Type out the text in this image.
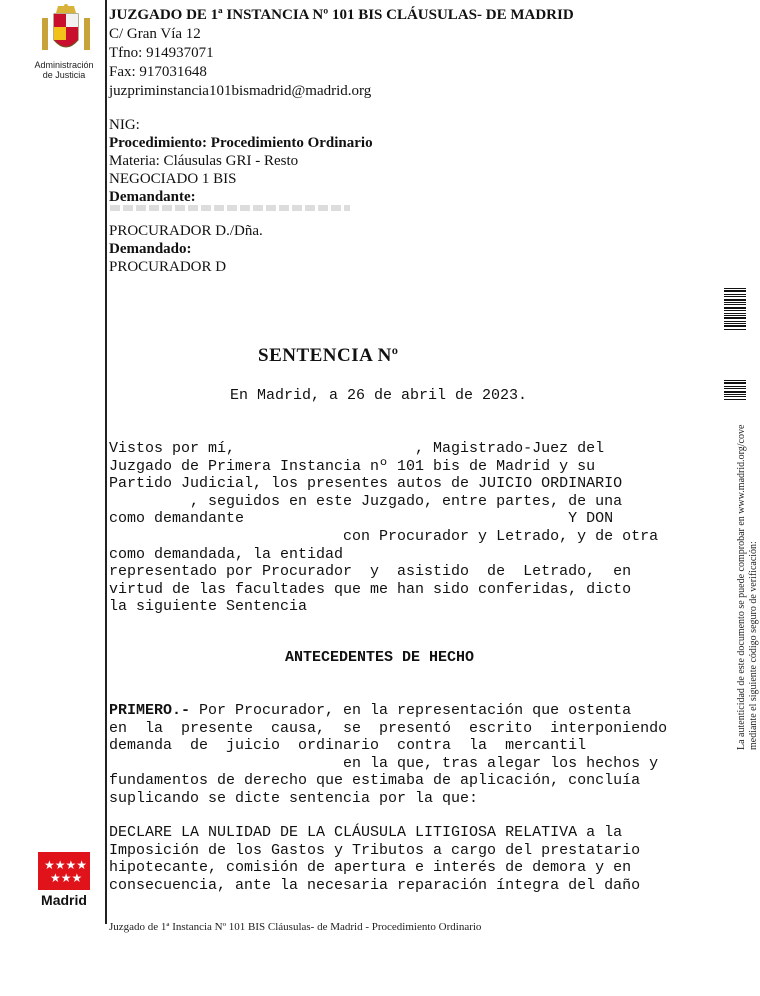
Administración
de Justicia
JUZGADO DE 1ª INSTANCIA Nº 101 BIS CLÁUSULAS- DE MADRID
C/ Gran Vía 12
Tfno: 914937071
Fax: 917031648
juzpriminstancia101bismadrid@madrid.org
NIG:
Procedimiento: Procedimiento Ordinario
Materia: Cláusulas GRI - Resto
NEGOCIADO 1 BIS
Demandante:
PROCURADOR D./Dña.
Demandado:
PROCURADOR D
SENTENCIA Nº
En Madrid, a 26 de abril de 2023.
Vistos por mí,                    , Magistrado-Juez del
Juzgado de Primera Instancia nº 101 bis de Madrid y su
Partido Judicial, los presentes autos de JUICIO ORDINARIO
, seguidos en este Juzgado, entre partes, de una
como demandante                                    Y DON
con Procurador y Letrado, y de otra
como demandada, la entidad
representado por Procurador  y  asistido  de  Letrado,  en
virtud de las facultades que me han sido conferidas, dicto
la siguiente Sentencia
ANTECEDENTES DE HECHO
PRIMERO.- Por Procurador, en la representación que ostenta
en  la  presente  causa,  se  presentó  escrito  interponiendo
demanda  de  juicio  ordinario  contra  la  mercantil
en la que, tras alegar los hechos y
fundamentos de derecho que estimaba de aplicación, concluía
suplicando se dicte sentencia por la que:
DECLARE LA NULIDAD DE LA CLÁUSULA LITIGIOSA RELATIVA a la
Imposición de los Gastos y Tributos a cargo del prestatario
hipotecante, comisión de apertura e interés de demora y en
consecuencia, ante la necesaria reparación íntegra del daño
Juzgado de 1ª Instancia Nº 101 BIS Cláusulas- de Madrid - Procedimiento Ordinario
★★★★
★★★
Madrid
La autenticidad de este documento se puede comprobar en www.madrid.org/cove mediante el siguiente código seguro de verificación:
